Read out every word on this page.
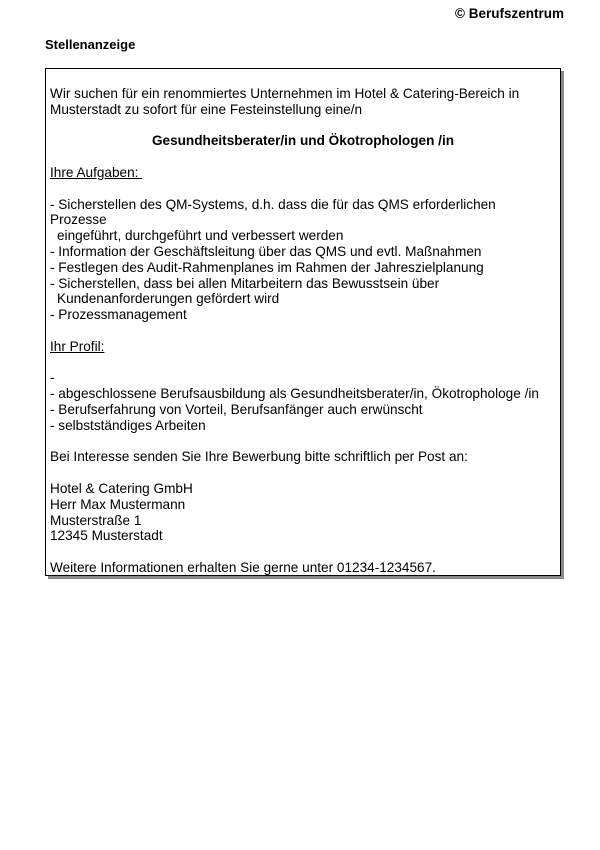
© Berufszentrum
Stellenanzeige

Wir suchen für ein renommiertes Unternehmen im Hotel & Catering-Bereich in

Musterstadt zu sofort für eine Festeinstellung eine/n

Gesundheitsberater/in und Ökotrophologen /in

Ihre Aufgaben:

- Sicherstellen des QM-Systems, d.h. dass die für das QMS erforderlichen

Prozesse

eingeführt, durchgeführt und verbessert werden

- Information der Geschäftsleitung über das QMS und evtl. Maßnahmen

- Festlegen des Audit-Rahmenplanes im Rahmen der Jahreszielplanung

- Sicherstellen, dass bei allen Mitarbeitern das Bewusstsein über

Kundenanforderungen gefördert wird

- Prozessmanagement

Ihr Profil:

-

- abgeschlossene Berufsausbildung als Gesundheitsberater/in, Ökotrophologe /in

- Berufserfahrung von Vorteil, Berufsanfänger auch erwünscht

- selbstständiges Arbeiten

Bei Interesse senden Sie Ihre Bewerbung bitte schriftlich per Post an:

Hotel & Catering GmbH

Herr Max Mustermann

Musterstraße 1

12345 Musterstadt

Weitere Informationen erhalten Sie gerne unter 01234-1234567.
